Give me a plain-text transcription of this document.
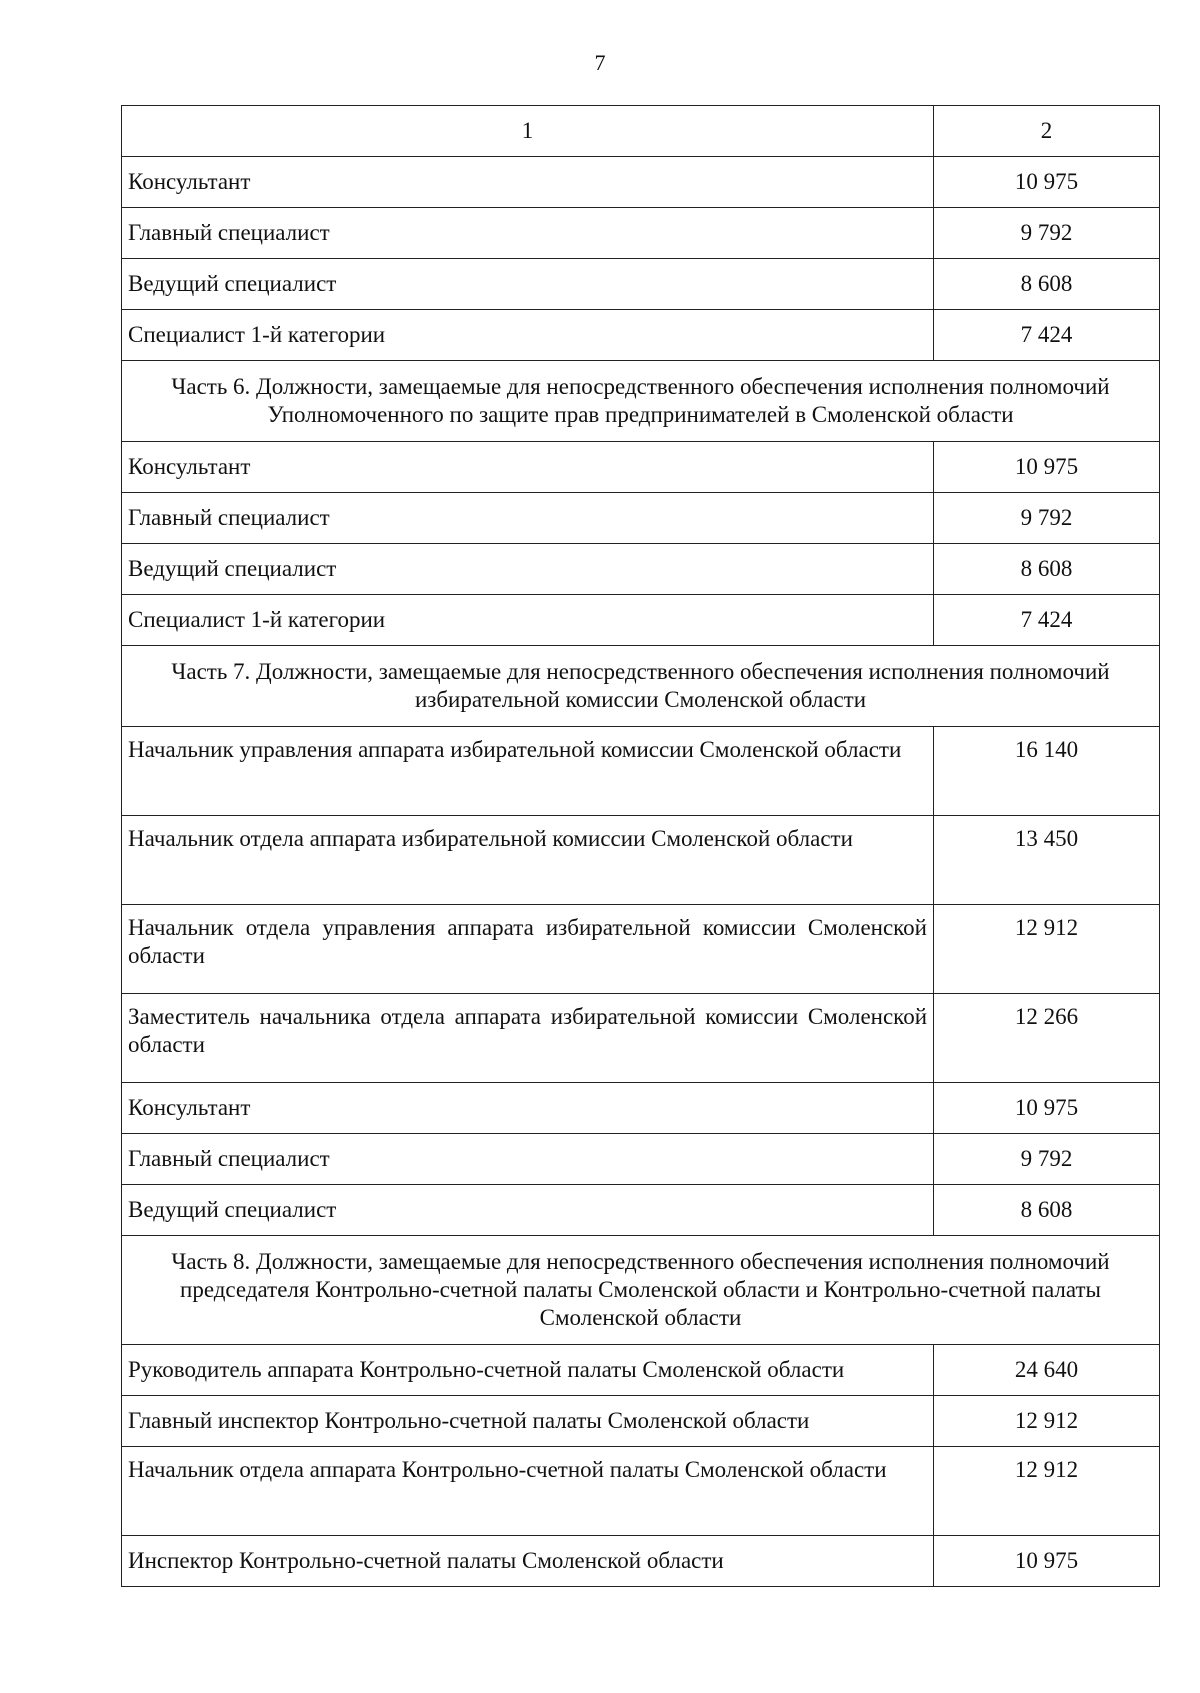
7
1	2
Консультант	10 975
Главный специалист	9 792
Ведущий специалист	8 608
Специалист 1-й категории	7 424
Часть 6. Должности, замещаемые для непосредственного обеспечения исполнения полномочий Уполномоченного по защите прав предпринимателей в Смоленской области	
Консультант	10 975
Главный специалист	9 792
Ведущий специалист	8 608
Специалист 1-й категории	7 424
Часть 7. Должности, замещаемые для непосредственного обеспечения исполнения полномочий избирательной комиссии Смоленской области	
Начальник управления аппарата избирательной комиссии Смоленской области	16 140
Начальник отдела аппарата избирательной комиссии Смоленской области	13 450
Начальник отдела управления аппарата избирательной комиссии Смоленской области	12 912
Заместитель начальника отдела аппарата избирательной комиссии Смоленской области	12 266
Консультант	10 975
Главный специалист	9 792
Ведущий специалист	8 608
Часть 8. Должности, замещаемые для непосредственного обеспечения исполнения полномочий председателя Контрольно-счетной палаты Смоленской области и Контрольно-счетной палаты Смоленской области	
Руководитель аппарата Контрольно-счетной палаты Смоленской области	24 640
Главный инспектор Контрольно-счетной палаты Смоленской области	12 912
Начальник отдела аппарата Контрольно-счетной палаты Смоленской области	12 912
Инспектор Контрольно-счетной палаты Смоленской области	10 975
